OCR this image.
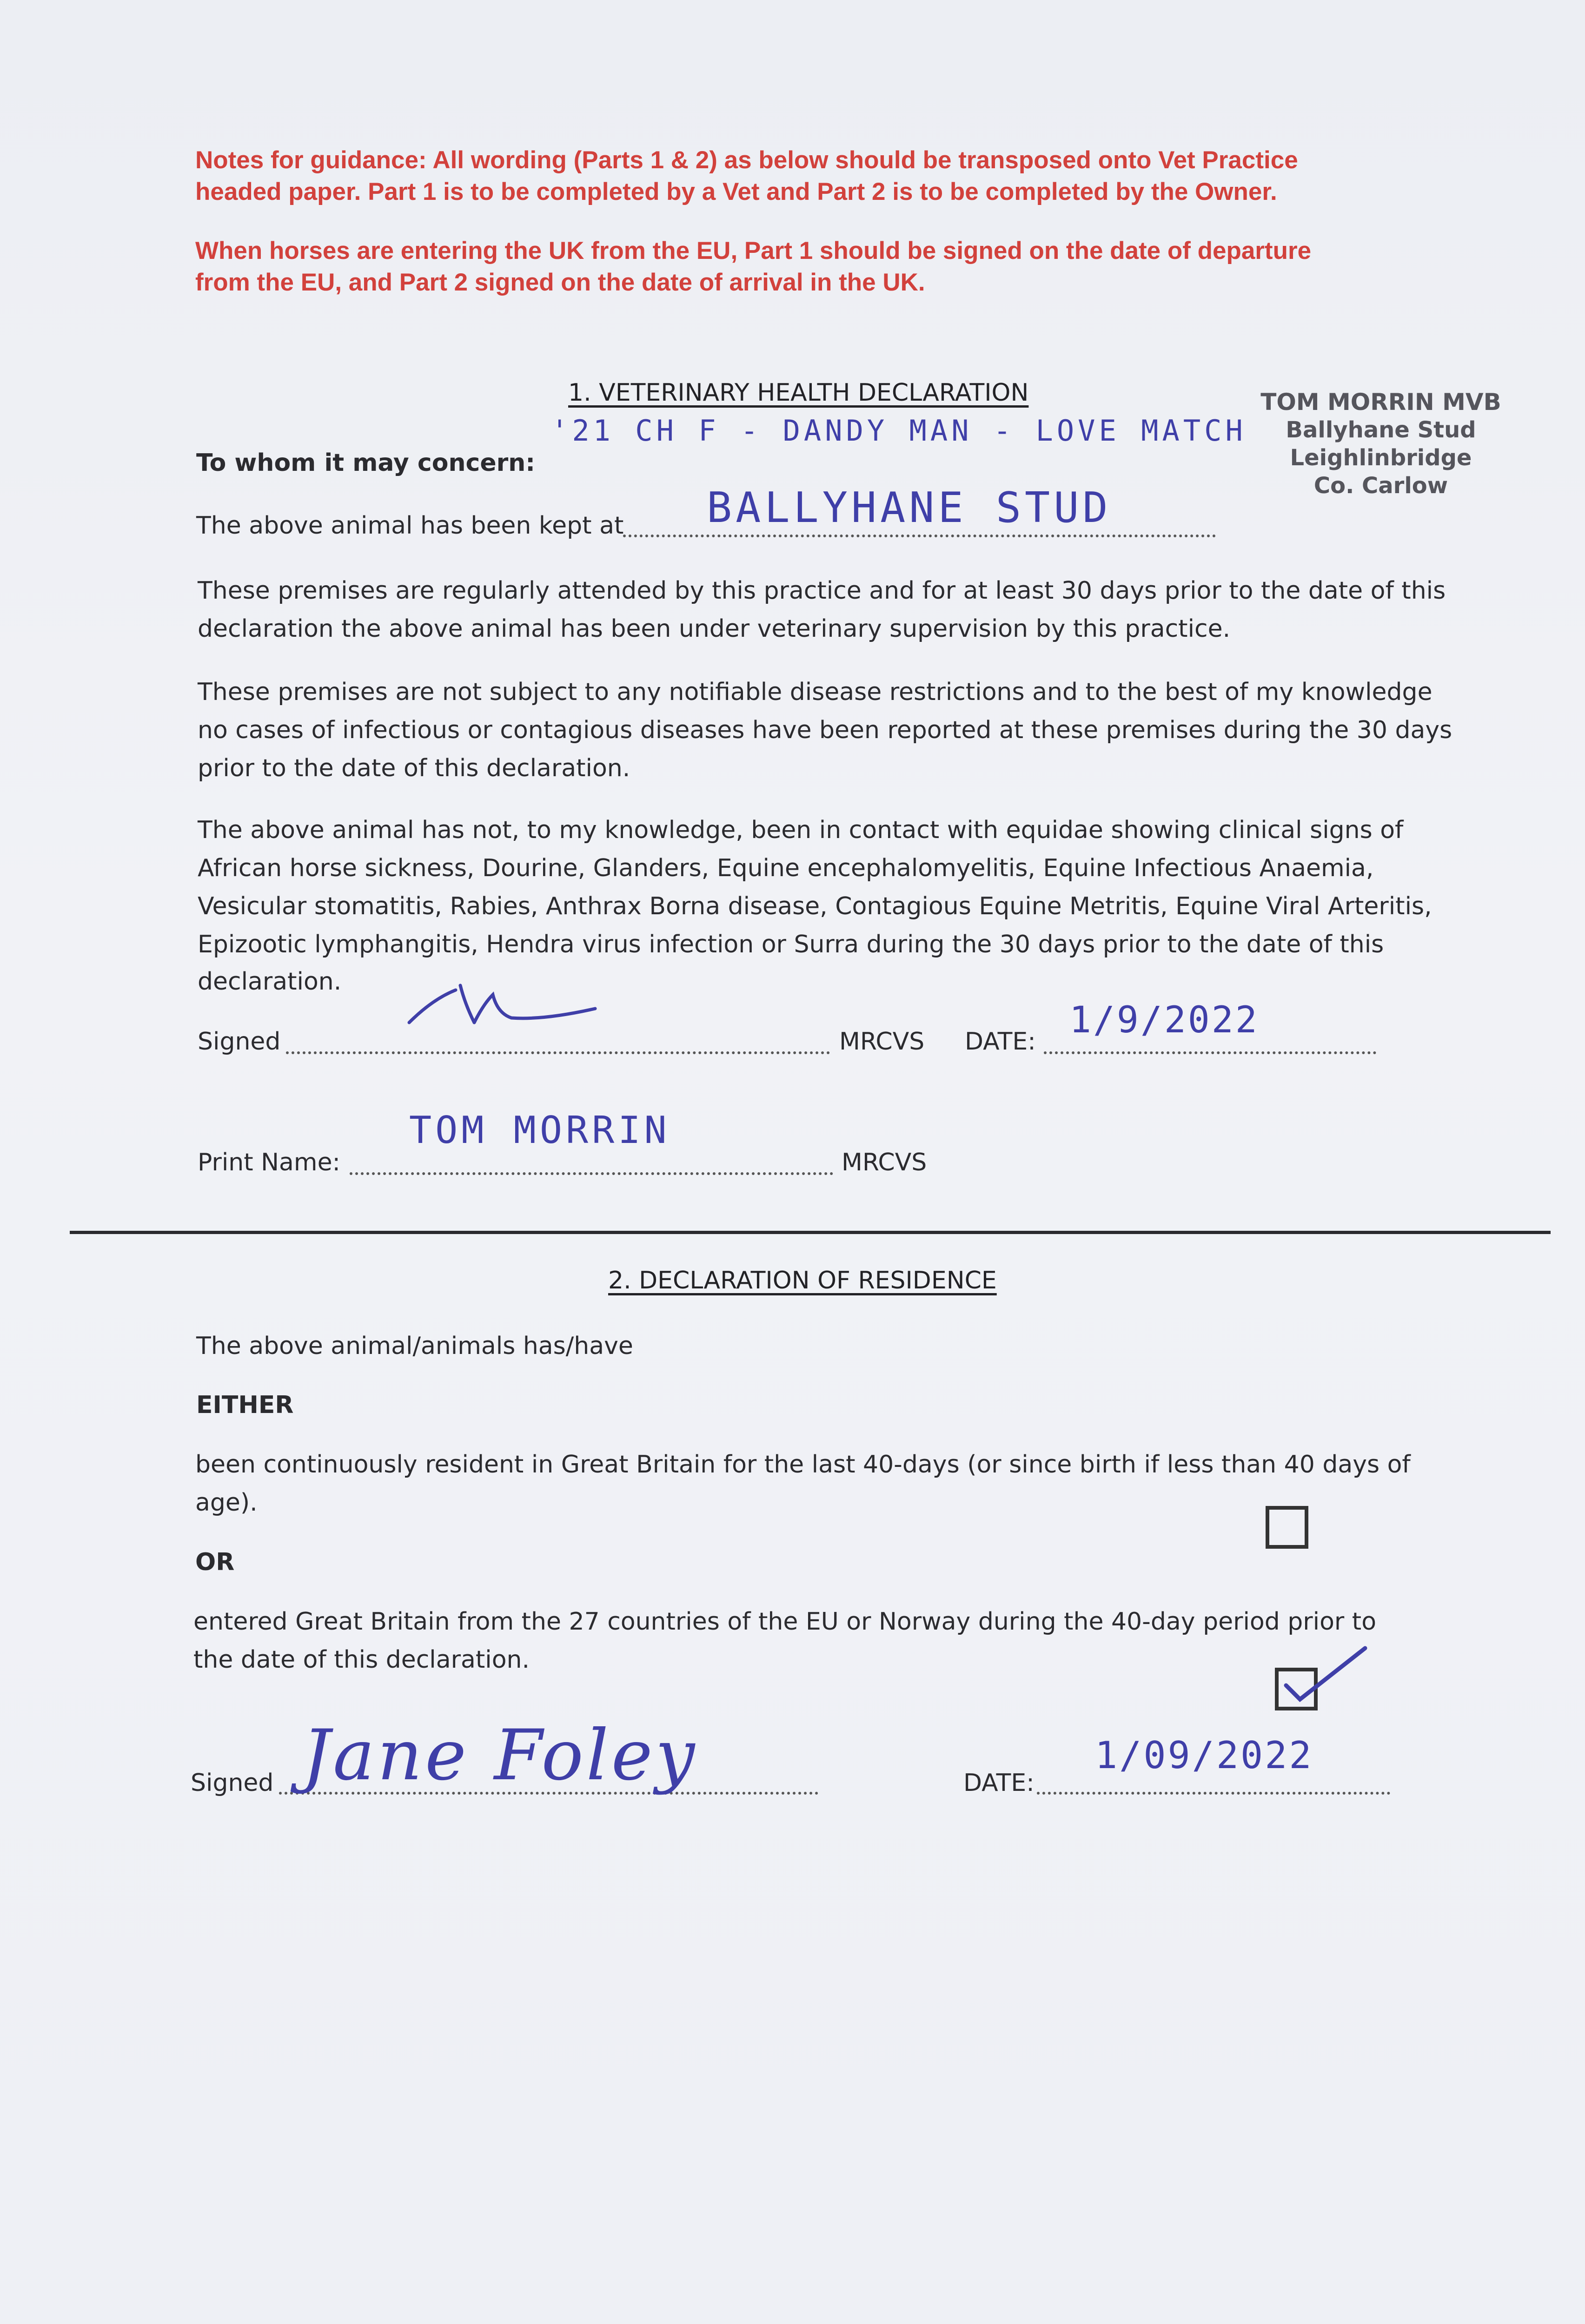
Notes for guidance: All wording (Parts 1 & 2) as below should be transposed onto Vet Practice
headed paper. Part 1 is to be completed by a Vet and Part 2 is to be completed by the Owner.
When horses are entering the UK from the EU, Part 1 should be signed on the date of departure
from the EU, and Part 2 signed on the date of arrival in the UK.
TOM MORRIN MVB
Ballyhane Stud
Leighlinbridge
Co. Carlow
1. VETERINARY HEALTH DECLARATION
'21 CH F - DANDY MAN - LOVE MATCH
To whom it may concern:
The above animal has been kept at BALLYHANE STUD
These premises are regularly attended by this practice and for at least 30 days prior to the date of this
declaration the above animal has been under veterinary supervision by this practice.
These premises are not subject to any notifiable disease restrictions and to the best of my knowledge
no cases of infectious or contagious diseases have been reported at these premises during the 30 days
prior to the date of this declaration.
The above animal has not, to my knowledge, been in contact with equidae showing clinical signs of
African horse sickness, Dourine, Glanders, Equine encephalomyelitis, Equine Infectious Anaemia,
Vesicular stomatitis, Rabies, Anthrax Borna disease, Contagious Equine Metritis, Equine Viral Arteritis,
Epizootic lymphangitis, Hendra virus infection or Surra during the 30 days prior to the date of this
declaration.
Signed	MRCVS DATE:
1/9/2022
Print Name:
TOM MORRIN
MRCVS
2. DECLARATION OF RESIDENCE
The above animal/animals has/have
EITHER
been continuously resident in Great Britain for the last 40-days (or since birth if less than 40 days of
age).
OR
entered Great Britain from the 27 countries of the EU or Norway during the 40-day period prior to
the date of this declaration.
Signed Jane Foley	DATE:
1/09/2022
